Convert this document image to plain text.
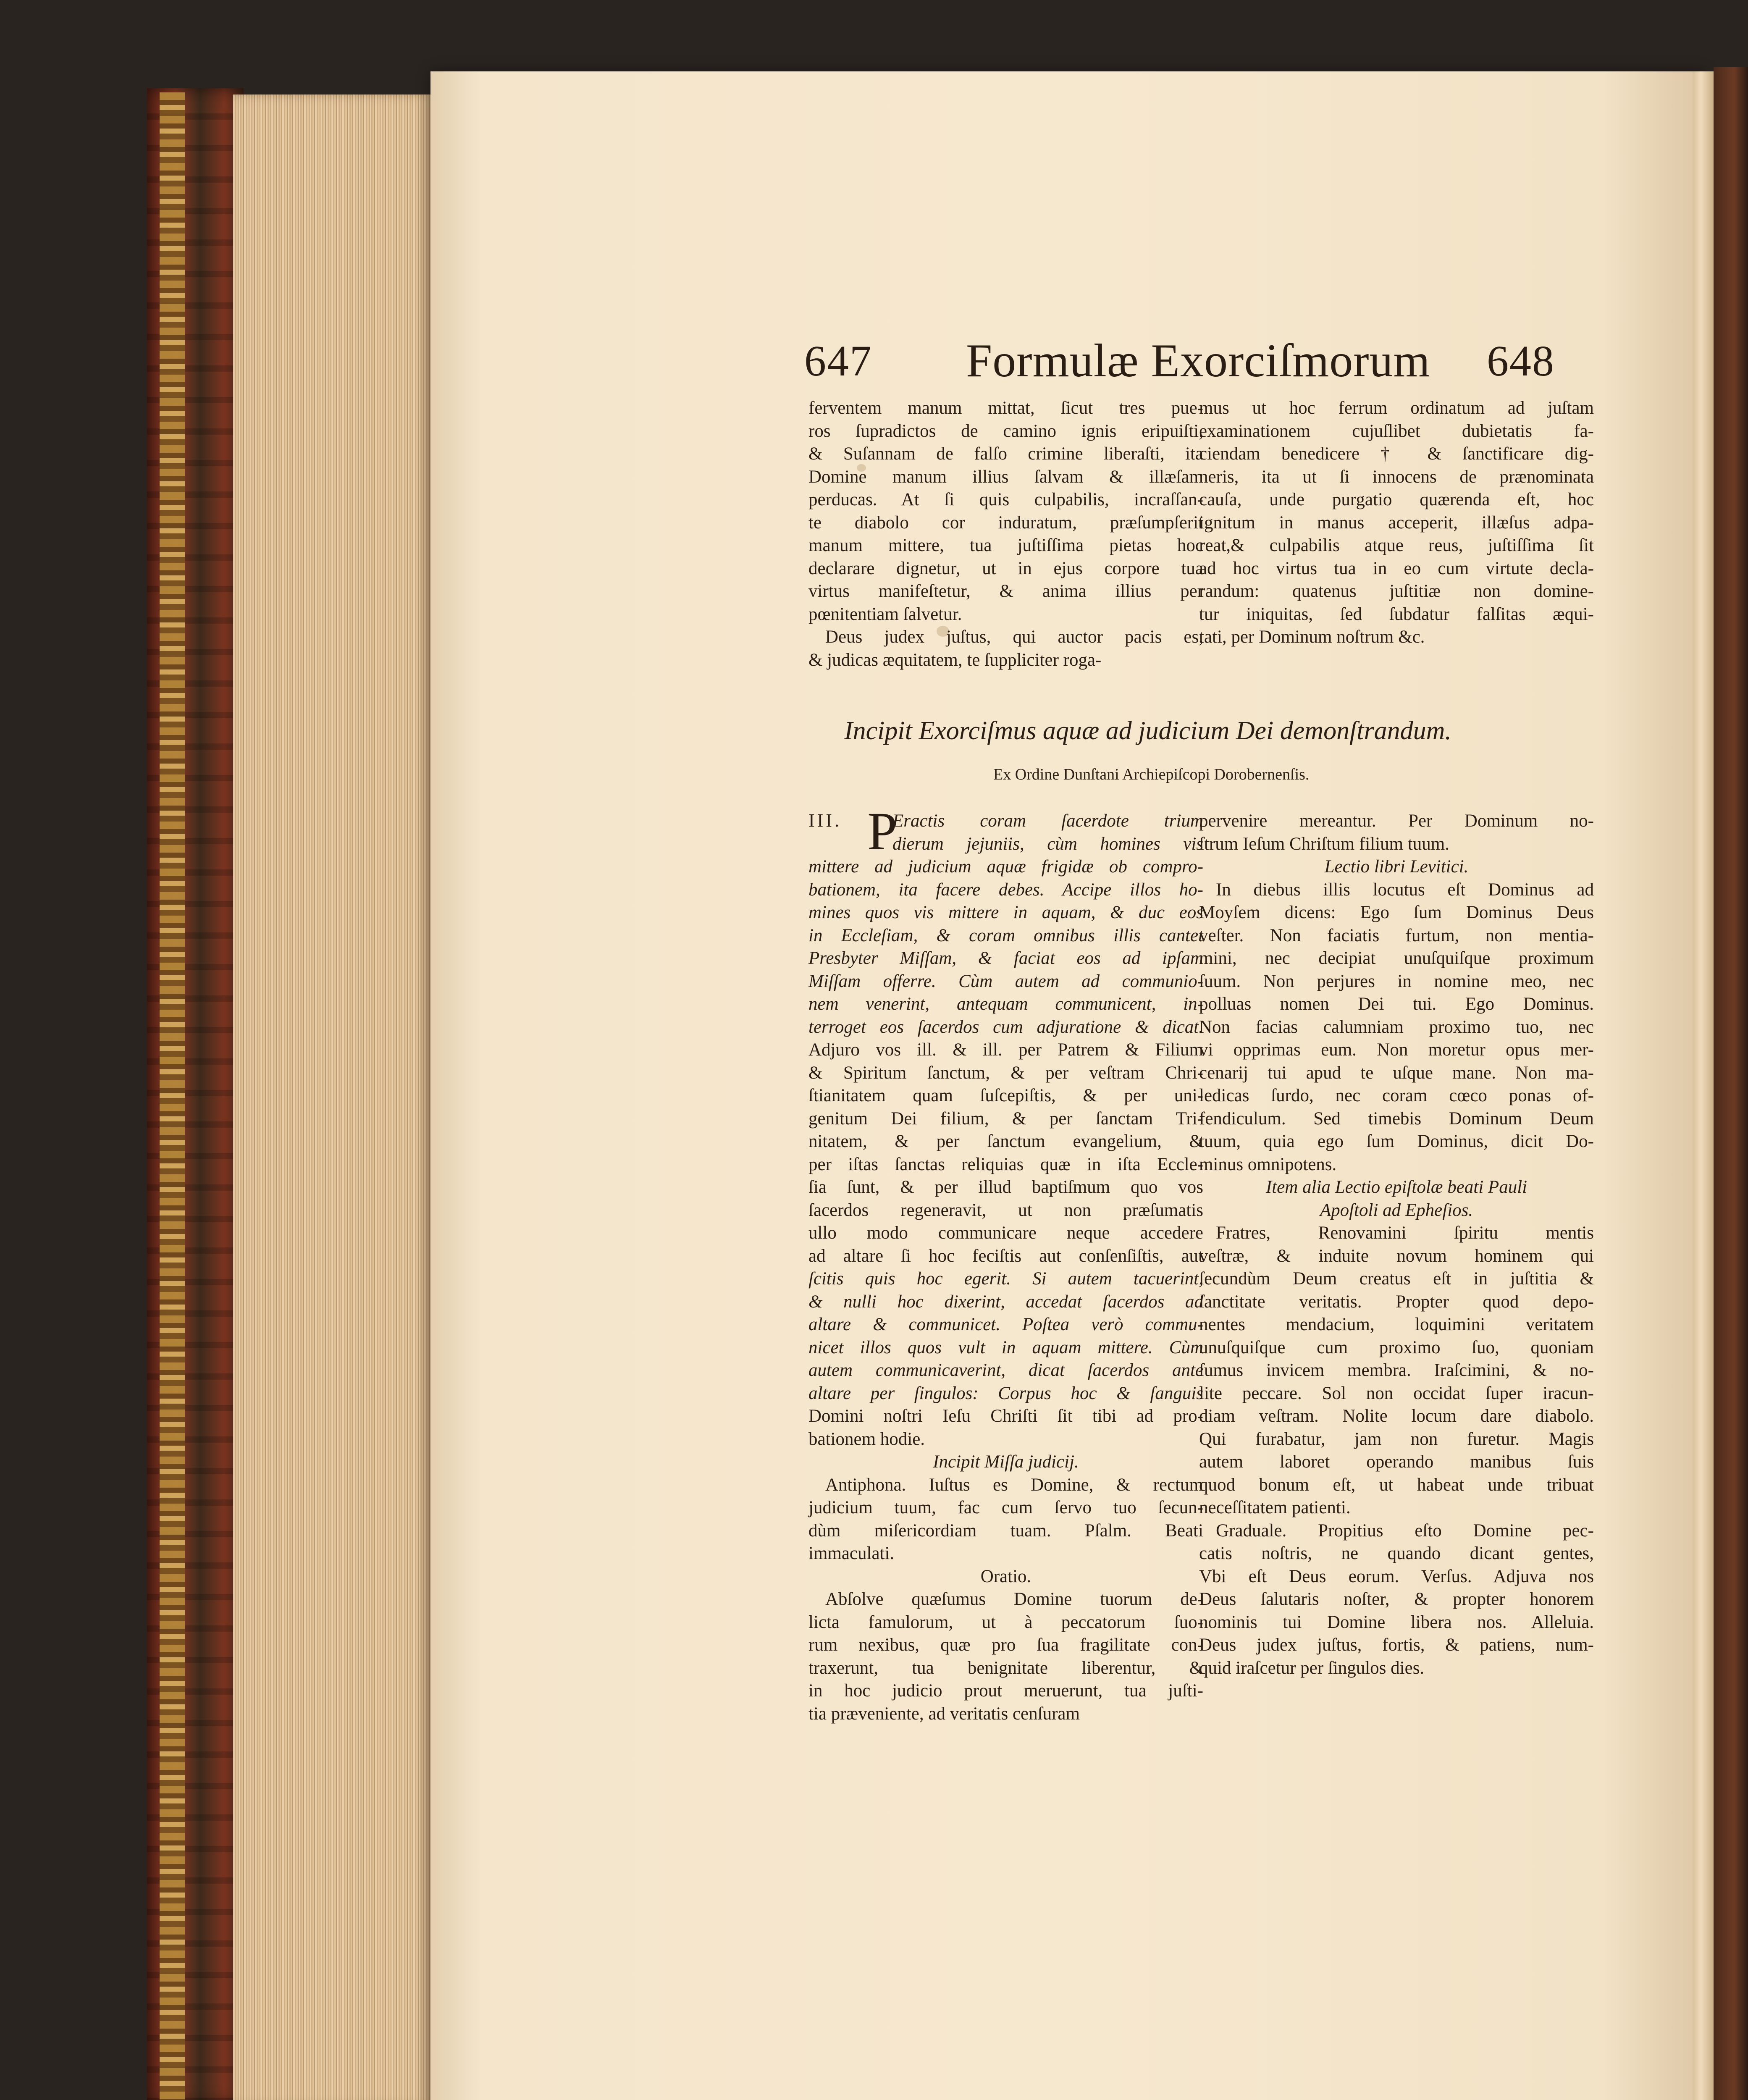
647 Formulæ Exorciſmorum 648
ferventem manum mittat, ſicut tres pue-
ros ſupradictos de camino ignis eripuiſti,
& Suſannam de falſo crimine liberaſti, ita
Domine manum illius ſalvam & illæſam
perducas. At ſi quis culpabilis, incraſſan-
te diabolo cor induratum, præſumpſerit
manum mittere, tua juſtiſſima pietas hoc
declarare dignetur, ut in ejus corpore tua
virtus manifeſtetur, & anima illius per
pœnitentiam ſalvetur.
Deus judex juſtus, qui auctor pacis es,
& judicas æquitatem, te ſuppliciter roga-
mus ut hoc ferrum ordinatum ad juſtam
examinationem cujuſlibet dubietatis fa-
ciendam benedicere † & ſanctificare dig-
neris, ita ut ſi innocens de prænominata
cauſa, unde purgatio quærenda eſt, hoc
ignitum in manus acceperit, illæſus adpa-
reat,& culpabilis atque reus, juſtiſſima ſit
ad hoc virtus tua in eo cum virtute decla-
randum: quatenus juſtitiæ non domine-
tur iniquitas, ſed ſubdatur falſitas æqui-
tati, per Dominum noſtrum &c.
Incipit Exorciſmus aquæ ad judicium Dei demonſtrandum.
Ex Ordine Dunſtani Archiepiſcopi Dorobernenſis.
III. P
Eractis coram ſacerdote trium
dierum jejuniis, cùm homines vis
mittere ad judicium aquæ frigidæ ob compro-
bationem, ita facere debes. Accipe illos ho-
mines quos vis mittere in aquam, & duc eos
in Eccleſiam, & coram omnibus illis cantet
Presbyter Miſſam, & faciat eos ad ipſam
Miſſam offerre. Cùm autem ad communio-
nem venerint, antequam communicent, in-
terroget eos ſacerdos cum adjuratione & dicat.
Adjuro vos ill. & ill. per Patrem & Filium
& Spiritum ſanctum, & per veſtram Chri-
ſtianitatem quam ſuſcepiſtis, & per uni-
genitum Dei filium, & per ſanctam Tri-
nitatem, & per ſanctum evangelium, &
per iſtas ſanctas reliquias quæ in iſta Eccle-
ſia ſunt, & per illud baptiſmum quo vos
ſacerdos regeneravit, ut non præſumatis
ullo modo communicare neque accedere
ad altare ſi hoc feciſtis aut conſenſiſtis, aut
ſcitis quis hoc egerit. Si autem tacuerint,
& nulli hoc dixerint, accedat ſacerdos ad
altare & communicet. Poſtea verò commu-
nicet illos quos vult in aquam mittere. Cùm
autem communicaverint, dicat ſacerdos ante
altare per ſingulos: Corpus hoc & ſanguis
Domini noſtri Ieſu Chriſti ſit tibi ad pro-
bationem hodie.
Incipit Miſſa judicij.
Antiphona. Iuſtus es Domine, & rectum
judicium tuum, fac cum ſervo tuo ſecun-
dùm miſericordiam tuam. Pſalm. Beati
immaculati.
Oratio.
Abſolve quæſumus Domine tuorum de-
licta famulorum, ut à peccatorum ſuo-
rum nexibus, quæ pro ſua fragilitate con-
traxerunt, tua benignitate liberentur, &
in hoc judicio prout meruerunt, tua juſti-
tia præveniente, ad veritatis cenſuram
pervenire mereantur. Per Dominum no-
ſtrum Ieſum Chriſtum filium tuum.
Lectio libri Levitici.
In diebus illis locutus eſt Dominus ad
Moyſem dicens: Ego ſum Dominus Deus
veſter. Non faciatis furtum, non mentia-
mini, nec decipiat unuſquiſque proximum
ſuum. Non perjures in nomine meo, nec
polluas nomen Dei tui. Ego Dominus.
Non facias calumniam proximo tuo, nec
vi opprimas eum. Non moretur opus mer-
cenarij tui apud te uſque mane. Non ma-
ledicas ſurdo, nec coram cœco ponas of-
fendiculum. Sed timebis Dominum Deum
tuum, quia ego ſum Dominus, dicit Do-
minus omnipotens.
Item alia Lectio epiſtolæ beati Pauli
Apoſtoli ad Epheſios.
Fratres, Renovamini ſpiritu mentis
veſtræ, & induite novum hominem qui
ſecundùm Deum creatus eſt in juſtitia &
ſanctitate veritatis. Propter quod depo-
nentes mendacium, loquimini veritatem
unuſquiſque cum proximo ſuo, quoniam
ſumus invicem membra. Iraſcimini, & no-
lite peccare. Sol non occidat ſuper iracun-
diam veſtram. Nolite locum dare diabolo.
Qui furabatur, jam non furetur. Magis
autem laboret operando manibus ſuis
quod bonum eſt, ut habeat unde tribuat
neceſſitatem patienti.
Graduale. Propitius eſto Domine pec-
catis noſtris, ne quando dicant gentes,
Vbi eſt Deus eorum. Verſus. Adjuva nos
Deus ſalutaris noſter, & propter honorem
nominis tui Domine libera nos. Alleluia.
Deus judex juſtus, fortis, & patiens, num-
quid iraſcetur per ſingulos dies.
